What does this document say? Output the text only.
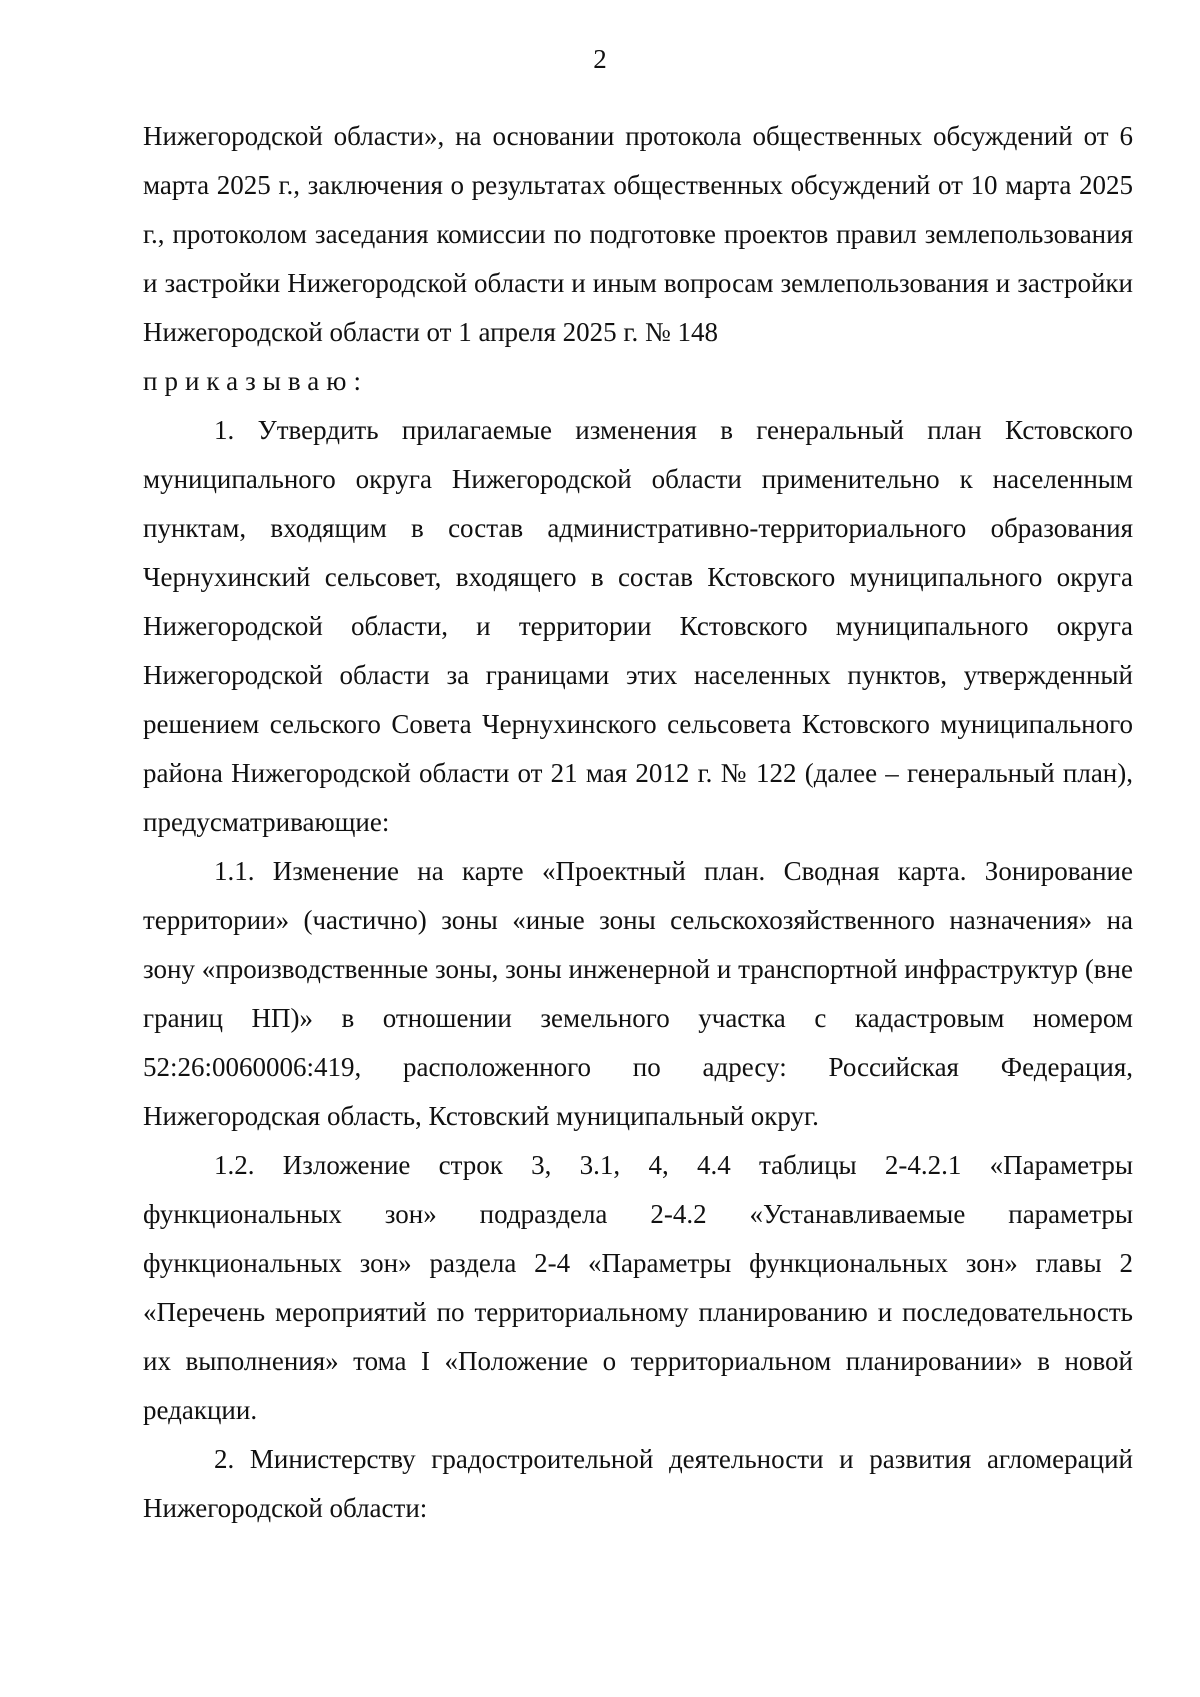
2

Нижегородской области», на основании протокола общественных обсуждений от 6 марта 2025 г., заключения о результатах общественных обсуждений от 10 марта 2025 г., протоколом заседания комиссии по подготовке проектов правил землепользования и застройки Нижегородской области и иным вопросам землепользования и застройки Нижегородской области от 1 апреля 2025 г. № 148

приказываю:

1. Утвердить прилагаемые изменения в генеральный план Кстовского муниципального округа Нижегородской области применительно к населенным пунктам, входящим в состав административно-территориального образования Чернухинский сельсовет, входящего в состав Кстовского муниципального округа Нижегородской области, и территории Кстовского муниципального округа Нижегородской области за границами этих населенных пунктов, утвержденный решением сельского Совета Чернухинского сельсовета Кстовского муниципального района Нижегородской области от 21 мая 2012 г. № 122 (далее – генеральный план), предусматривающие:

1.1. Изменение на карте «Проектный план. Сводная карта. Зонирование территории» (частично) зоны «иные зоны сельскохозяйственного назначения» на зону «производственные зоны, зоны инженерной и транспортной инфраструктур (вне границ НП)» в отношении земельного участка с кадастровым номером 52:26:0060006:419, расположенного по адресу: Российская Федерация, Нижегородская область, Кстовский муниципальный округ.

1.2. Изложение строк 3, 3.1, 4, 4.4 таблицы 2-4.2.1 «Параметры функциональных зон» подраздела 2-4.2 «Устанавливаемые параметры функциональных зон» раздела 2-4 «Параметры функциональных зон» главы 2 «Перечень мероприятий по территориальному планированию и последовательность их выполнения» тома I «Положение о территориальном планировании» в новой редакции.

2. Министерству градостроительной деятельности и развития агломераций Нижегородской области:
